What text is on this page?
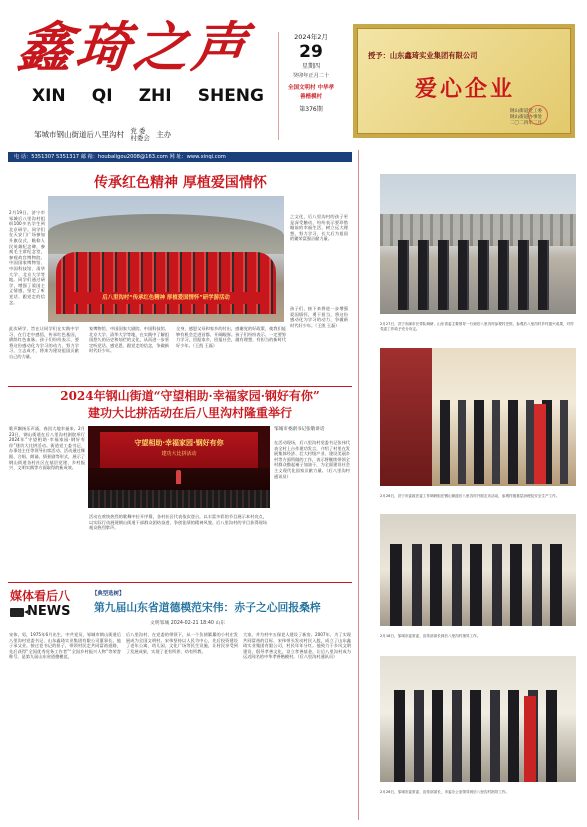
鑫琦之声
XIN QI ZHI SHENG
邹城市钢山街道后八里沟村 党 委
村委会 主办
2024年2月
29
星期四
癸卯年正月二十
全国文明村 中华孝善楷模村
第376期
授予：山东鑫琦实业集团有限公司
爱心企业
钢山街道党工委
钢山街道办事处
二〇二四年二月
电 话：5351307 5351317 邮 箱：houbaligou2008@163.com 网 址：www.xinqi.com
传承红色精神 厚植爱国情怀
2月19日，济宁市邹城后八里沟村组织100多名学生到北京研学。同学们在天安门广场参加升旗仪式，瞻仰人民英雄纪念碑，参观毛主席纪念堂，参观故宫博物院、中国国家博物馆、中国科技馆、清华大学、北京大学等地。同学们通过研学，增强了爱国主义情感，坚定了听党话、跟党走的信念。
此次研学，旨在让同学们在实践中学习、在行走中感悟，传承红色基因，赓续红色血脉。孩子们纷纷表示，要将这份感动化为学习的动力，努力学习，立志成才，将来为建设祖国贡献自己的力量。
家博物馆、中国国家大剧院、中国科技馆、北京大学、清华大学等地，在实践中了解祖国悠久的历史和灿烂的文化，从而进一步坚定听党话、感党恩、跟党走的信念，争做新时代好少年。
全身，感恩父母和家乡的付出，感谢党的好政策，使我们能够有机会走进首都，开阔眼界。孩子们纷纷表示，一定要努力学习，回报家乡，回报社会，做有理想、有担当的新时代好少年。（王凯 王磊）
之文化，后八里沟村的孩子更是深受触动，纷纷表示要珍惜眼前的幸福生活，树立远大理想，努力学习，长大后为祖国的繁荣富强贡献力量。
孩子们，接下来将进一步增强爱国情怀，勇于担当，将这份感动化为学习的动力，争做新时代好少年。（王凯 王磊）
后八里沟村“传承红色精神 厚植爱国情怀”研学游活动
2024年钢山街道“守望相助·幸福家园·钢好有你”
建功大比拼活动在后八里沟村隆重举行
歌声飘扬乐声涌，春回大地幸福来。2月23日，钢山街道在后八里沟村剧院举行2024年“守望相助·幸福家园·钢好有你”建功大比拼活动。街道党工委书记、办事处主任等领导出席活动。活动通过舞蹈、合唱、朗诵、情景剧等形式，展示了钢山街道各村社区在基层党建、乡村振兴、文明实践等方面取得的新成效。
活动在欢快热烈的歌舞中拉开序幕，各村社区代表依次登台，以丰富多彩的节目展示本村亮点，以实际行动展现钢山街道干部群众团结奋进、争创佳绩的精神风貌。后八里沟村的节目获得现场观众热烈掌声。
邹城市委副书记张敬讲话
在活动现场，后八里沟村党委书记张伟代表全村上台作建功发言，介绍了村里在发展集体经济、壮大村级产业、建设美丽乡村等方面所做的工作，表示将继续带领全村群众撸起袖子加油干，为全面建设社会主义现代化国家贡献力量。（后八里沟村通讯员）
守望相助·幸福家园·钢好有你
建功大比拼活动
媒体看后八
NEWS
【典型选树】
第九届山东省道德模范宋伟：赤子之心回报桑梓
文明邹城 2024-02-21 18:40 山东
宋伟，男，1975年6月出生，中共党员，邹城市钢山街道后八里沟村党委书记、山东鑫琦实业集团有限公司董事长。他子承父业，接过老书记的担子，带领村民走共同富裕道路，先后获得“全国优秀党务工作者”“全国乡村振兴人物”等荣誉称号，是第九届山东省道德模范。
后八里沟村，在党委的带领下，从一个负债累累的小村庄发展成为全国文明村。宋伟坚持以人民为中心，先后投资建设了老年公寓、幼儿园、文化广场等民生设施，让村民享受到了发展成果，实现了老有所养、幼有所教。
大家，并为村中五保老人建设了新房。2007年，为了实现共同富裕的目标，宋伟带头发动村民入股，成立了山东鑫琦实业集团有限公司，村民年年分红。他致力于乡风文明建设，倡导孝善文化，设立孝善基金，让后八里沟村成为远近闻名的中华孝善楷模村。（后八里沟村通讯员）
2月27日，济宁市副市长带队调研，山东省委主要领导一行到后八里沟村参观村史馆，参观后八里沟村乡村振兴成果，对村党委工作给予充分肯定。
2月26日，济宁市委政法委工作调研组在钢山街道后八里沟村开展走访活动，参观村级基层治理及安全生产工作。
2月18日，邹城市委常委、宣传部部长到后八里沟村指导工作。
2月26日，邹城市委常委、宣传部部长，市委办公室领导到后八里沟村指导工作。
